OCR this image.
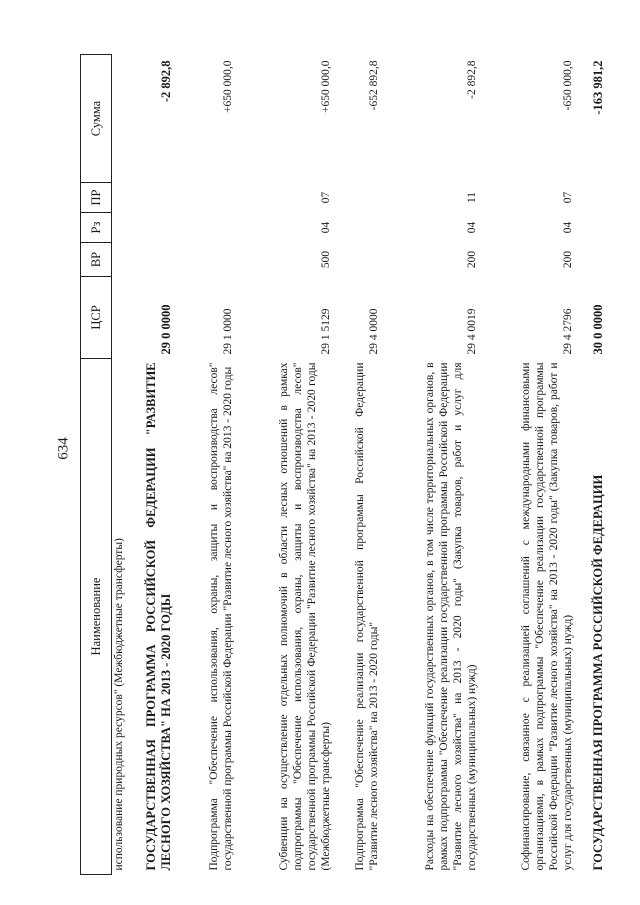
634
Наименование	ЦСР	ВР	Рз	ПР	Сумма
использование природных ресурсов" (Межбюджетные трансферты)					
ГОСУДАРСТВЕННАЯ ПРОГРАММА РОССИЙСКОЙ ФЕДЕРАЦИИ "РАЗВИТИЕ ЛЕСНОГО ХОЗЯЙСТВА" НА 2013 - 2020 ГОДЫ	29 0 0000				-2 892,8
Подпрограмма "Обеспечение использования, охраны, защиты и воспроизводства лесов" государственной программы Российской Федерации "Развитие лесного хозяйства" на 2013 - 2020 годы	29 1 0000				+650 000,0
Субвенции на осуществление отдельных полномочий в области лесных отношений в рамках подпрограммы "Обеспечение использования, охраны, защиты и воспроизводства лесов" государственной программы Российской Федерации "Развитие лесного хозяйства" на 2013 - 2020 годы (Межбюджетные трансферты)	29 1 5129	500	04	07	+650 000,0
Подпрограмма "Обеспечение реализации государственной программы Российской Федерации "Развитие лесного хозяйства" на 2013 - 2020 годы"	29 4 0000				-652 892,8
Расходы на обеспечение функций государственных органов, в том числе территориальных органов, в рамках подпрограммы "Обеспечение реализации государственной программы Российской Федерации "Развитие лесного хозяйства" на 2013 - 2020 годы" (Закупка товаров, работ и услуг для государственных (муниципальных) нужд)	29 4 0019	200	04	11	-2 892,8
Софинансирование, связанное с реализацией соглашений с международными финансовыми организациями, в рамках подпрограммы "Обеспечение реализации государственной программы Российской Федерации "Развитие лесного хозяйства" на 2013 - 2020 годы" (Закупка товаров, работ и услуг для государственных (муниципальных) нужд)	29 4 2796	200	04	07	-650 000,0
ГОСУДАРСТВЕННАЯ ПРОГРАММА РОССИЙСКОЙ ФЕДЕРАЦИИ	30 0 0000				-163 981,2
